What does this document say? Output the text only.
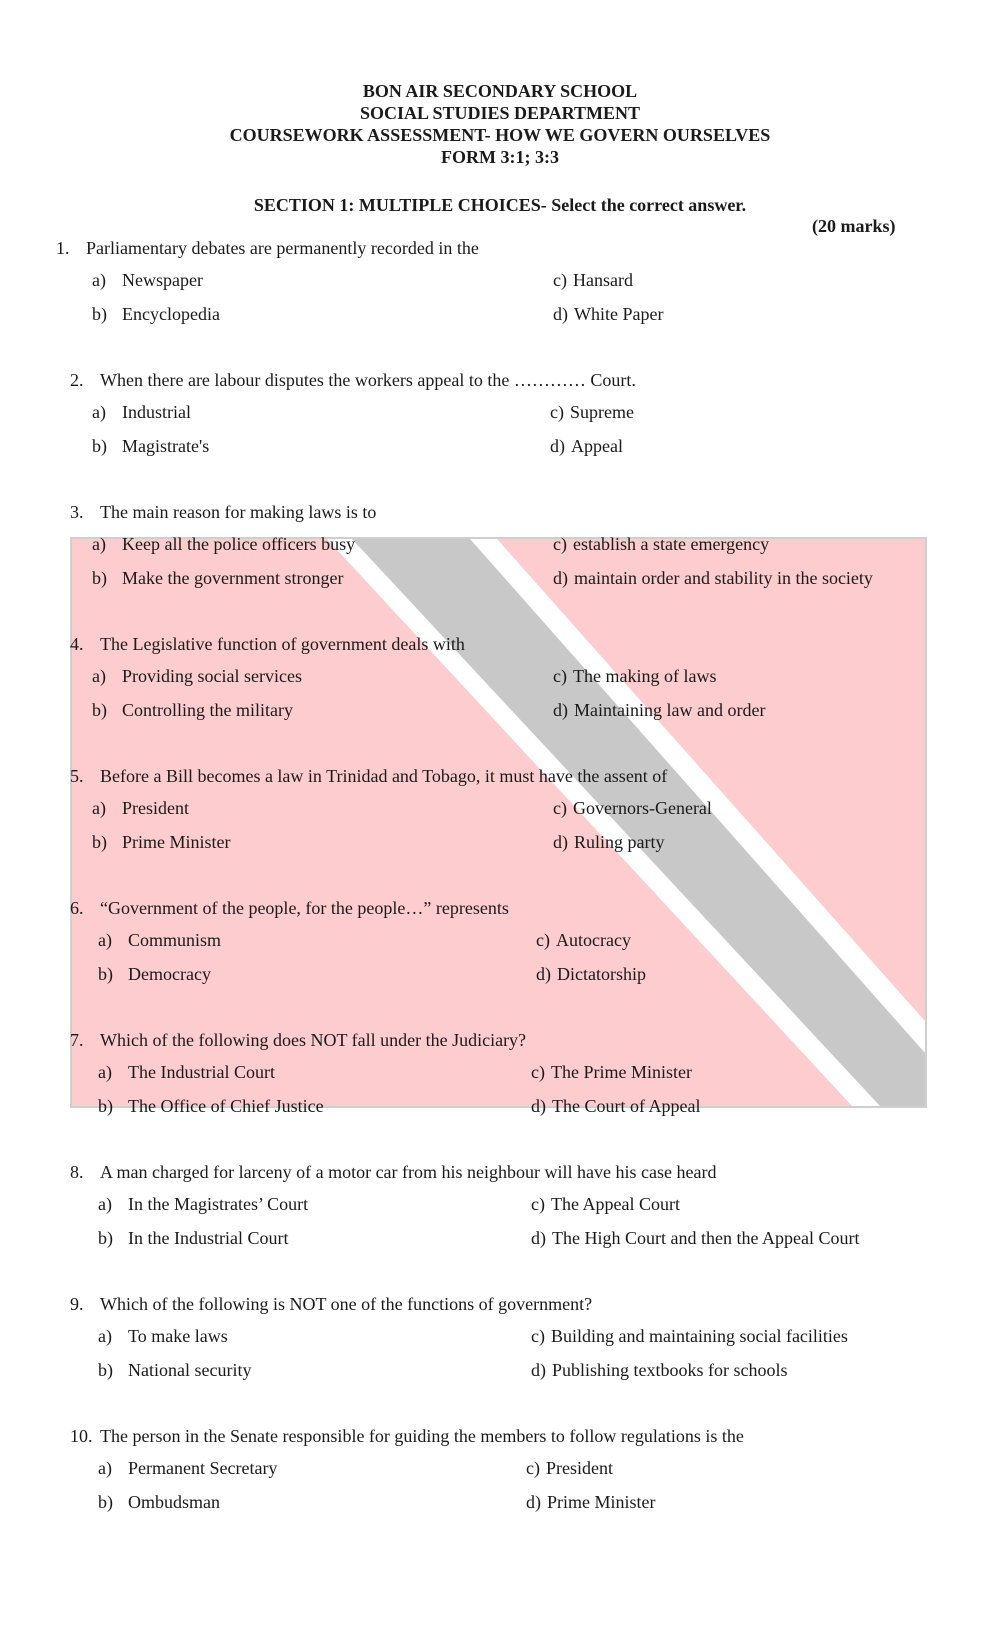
BON AIR SECONDARY SCHOOL
SOCIAL STUDIES DEPARTMENT
COURSEWORK ASSESSMENT- HOW WE GOVERN OURSELVES
FORM 3:1; 3:3
SECTION 1: MULTIPLE CHOICES- Select the correct answer.
(20 marks)
1. Parliamentary debates are permanently recorded in the
a) Newspaper
b) Encyclopedia
c) Hansard
d) White Paper
2. When there are labour disputes the workers appeal to the ………… Court.
a) Industrial
b) Magistrate's
c) Supreme
d) Appeal
3. The main reason for making laws is to
a) Keep all the police officers busy
b) Make the government stronger
c) establish a state emergency
d) maintain order and stability in the society
4. The Legislative function of government deals with
a) Providing social services
b) Controlling the military
c) The making of laws
d) Maintaining law and order
5. Before a Bill becomes a law in Trinidad and Tobago, it must have the assent of
a) President
b) Prime Minister
c) Governors-General
d) Ruling party
6. “Government of the people, for the people…” represents
a) Communism
b) Democracy
c) Autocracy
d) Dictatorship
7. Which of the following does NOT fall under the Judiciary?
a) The Industrial Court
b) The Office of Chief Justice
c) The Prime Minister
d) The Court of Appeal
8. A man charged for larceny of a motor car from his neighbour will have his case heard
a) In the Magistrates’ Court
b) In the Industrial Court
c) The Appeal Court
d) The High Court and then the Appeal Court
9. Which of the following is NOT one of the functions of government?
a) To make laws
b) National security
c) Building and maintaining social facilities
d) Publishing textbooks for schools
10. The person in the Senate responsible for guiding the members to follow regulations is the
a) Permanent Secretary
b) Ombudsman
c) President
d) Prime Minister
